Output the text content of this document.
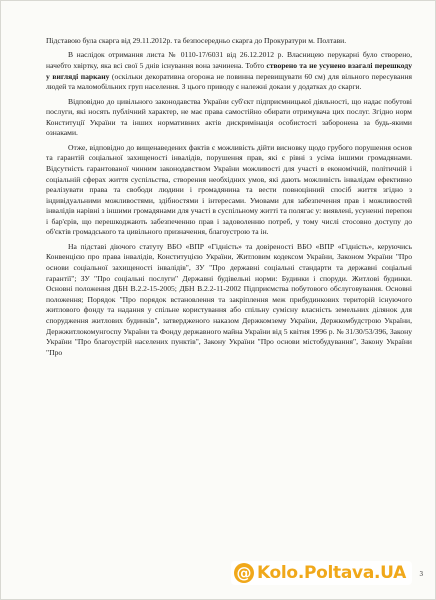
Підставою була скарга від 29.11.2012р. та безпосередньо скарга до Прокуратури м. Полтави.

В наслідок отримання листа № 0110-17/6031 від 26.12.2012 р. Власницею перукарні було створено, начебто хвіртку, яка всі свої 5 днів існування вона зачинена. Тобто створено та не усунено взагалі перешкоду у вигляді паркану (оскільки декоративна огорожа не повинна перевищувати 60 см) для вільного пересування людей та маломобільних груп населення. З цього приводу є належні докази у додатках до скарги.

Відповідно до цивільного законодавства України суб'єкт підприємницької діяльності, що надає побутові послуги, які носять публічний характер, не має права самостійно обирати отримувача цих послуг. Згідно норм Конституції України та інших нормативних актів дискримінація особистості заборонена за будь-якими ознаками.

Отже, відповідно до вищенаведених фактів є можливість дійти висновку щодо грубого порушення основ та гарантій соціальної захищеності інвалідів, порушення прав, які є рівні з усіма іншими громадянами. Відсутність гарантованої чинним законодавством України можливості для участі в економічній, політичній і соціальній сферах життя суспільства, створення необхідних умов, які дають можливість інвалідам ефективно реалізувати права та свободи людини і громадянина та вести повноцінний спосіб життя згідно з індивідуальними можливостями, здібностями і інтересами. Умовами для забезпечення прав і можливостей інвалідів нарівні з іншими громадянами для участі в суспільному житті та полягає у: виявлені, усуненні перепон і бар'єрів, що перешкоджають забезпеченню прав і задоволенню потреб, у тому числі стосовно доступу до об'єктів громадського та цивільного призначення, благоустрою та ін.

На підставі діючого статуту ВБО «ВПР «Гідність» та довіреності ВБО «ВПР «Гідність», керуючись Конвенцією про права інвалідів, Конституцією України, Житловим кодексом України, Законом України "Про основи соціальної захищеності інвалідів", ЗУ "Про державні соціальні стандарти та державні соціальні гарантії"; ЗУ "Про соціальні послуги" Державні будівельні норми: Будинки і споруди. Житлові будинки. Основні положення ДБН В.2.2-15-2005; ДБН В.2.2-11-2002 Підприємства побутового обслуговування. Основні положення; Порядок "Про порядок встановлення та закріплення меж прибудинкових територій існуючого житлового фонду та надання у спільне користування або спільну сумісну власність земельних ділянок для спорудження житлових будинків", затвердженого наказом Держкомзему України, Держкомбудстрою України, Держжитлокомунгоспу України та Фонду державного майна України від 5 квітня 1996 р. № 31/30/53/396, Закону України "Про благоустрій населених пунктів", Закону України "Про основи містобудування", Закону України "Про

3
@ Kolo.Poltava.UA
